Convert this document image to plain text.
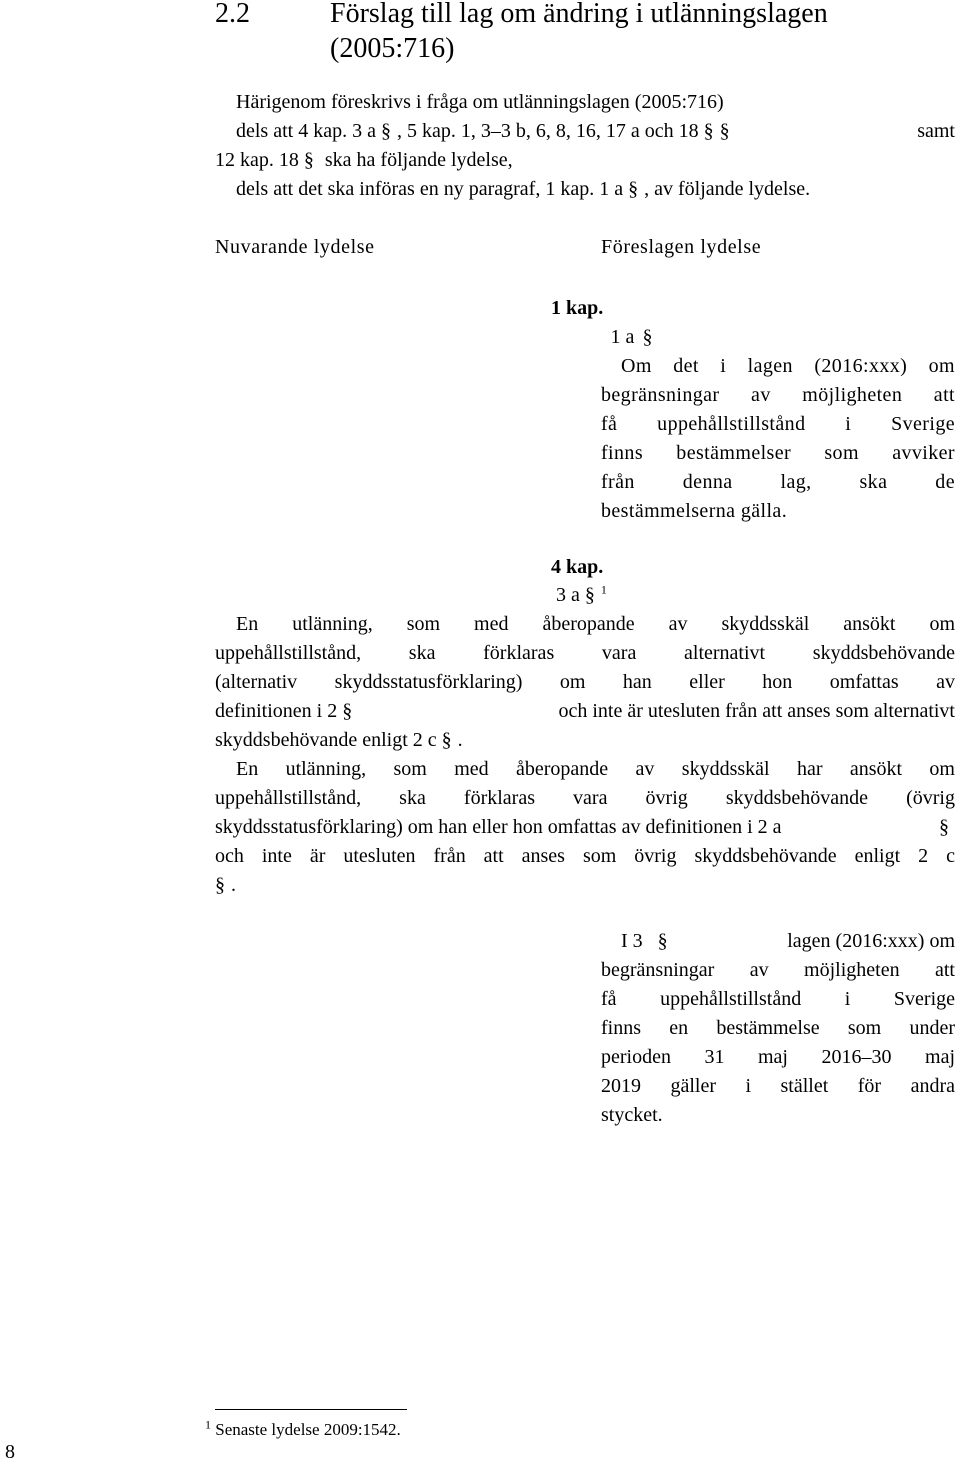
2.2	Förslag till lag om ändring i utlänningslagen
(2005:716)
Härigenom föreskrivs i fråga om utlänningslagen (2005:716)
dels att 4 kap. 3 a § , 5 kap. 1, 3–3 b, 6, 8, 16, 17 a och 18 § §	samt
12 kap. 18 § ska ha följande lydelse,
dels att det ska införas en ny paragraf, 1 kap. 1 a § , av följande lydelse.
Nuvarande lydelse	Föreslagen lydelse
1 kap.
1 a §
Om det i lagen (2016:xxx) om
begränsningar av möjligheten att
få uppehållstillstånd i Sverige
finns bestämmelser som avviker
från denna lag, ska de
bestämmelserna gälla.
4 kap.
3 a § $^1$
En utlänning, som med åberopande av skyddsskäl ansökt om
uppehållstillstånd, ska förklaras vara alternativt skyddsbehövande
(alternativ skyddsstatusförklaring) om han eller hon omfattas av
definitionen i 2 §	och inte är utesluten från att anses som alternativt
skyddsbehövande enligt 2 c § .
En utlänning, som med åberopande av skyddsskäl har ansökt om
uppehållstillstånd, ska förklaras vara övrig skyddsbehövande (övrig
skyddsstatusförklaring) om han eller hon omfattas av definitionen i 2 a
§
och inte är utesluten från att anses som övrig skyddsbehövande enligt 2 c
§.
I 3 §	lagen (2016:xxx) om
begränsningar av möjligheten att
få uppehållstillstånd i Sverige
finns en bestämmelse som under
perioden 31 maj 2016–30 maj
2019 gäller i stället för andra
stycket.
$^1$ Senaste lydelse 2009:1542.
8
